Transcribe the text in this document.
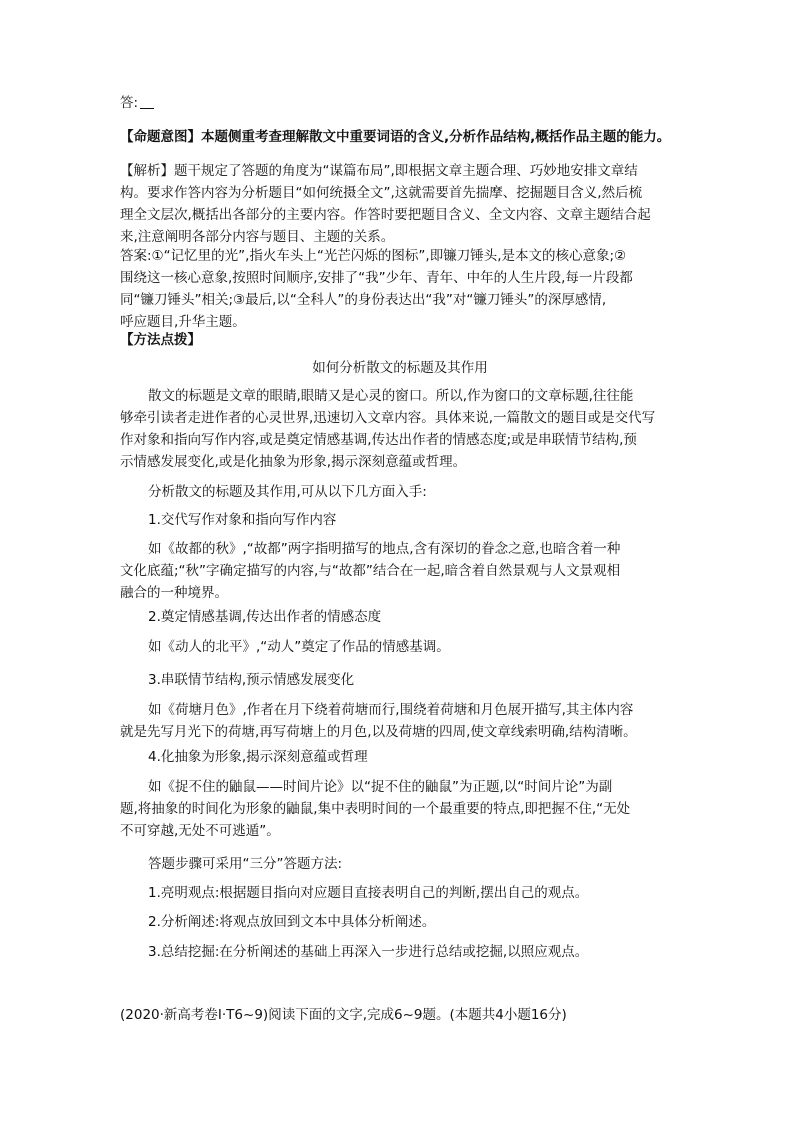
答:
【命题意图】本题侧重考查理解散文中重要词语的含义,分析作品结构,概括作品主题的能力。
【解析】题干规定了答题的角度为“谋篇布局”,即根据文章主题合理、巧妙地安排文章结
构。要求作答内容为分析题目“如何统摄全文”,这就需要首先揣摩、挖掘题目含义,然后梳
理全文层次,概括出各部分的主要内容。作答时要把题目含义、全文内容、文章主题结合起
来,注意阐明各部分内容与题目、主题的关系。
答案:①“记忆里的光”,指火车头上“光芒闪烁的图标”,即镰刀锤头,是本文的核心意象;②
围绕这一核心意象,按照时间顺序,安排了“我”少年、青年、中年的人生片段,每一片段都
同“镰刀锤头”相关;③最后,以“全科人”的身份表达出“我”对“镰刀锤头”的深厚感情,
呼应题目,升华主题。
【方法点拨】
如何分析散文的标题及其作用
散文的标题是文章的眼睛,眼睛又是心灵的窗口。所以,作为窗口的文章标题,往往能
够牵引读者走进作者的心灵世界,迅速切入文章内容。具体来说,一篇散文的题目或是交代写
作对象和指向写作内容,或是奠定情感基调,传达出作者的情感态度;或是串联情节结构,预
示情感发展变化,或是化抽象为形象,揭示深刻意蕴或哲理。
分析散文的标题及其作用,可从以下几方面入手:
1.交代写作对象和指向写作内容
如《故都的秋》,“故都”两字指明描写的地点,含有深切的眷念之意,也暗含着一种
文化底蕴;“秋”字确定描写的内容,与“故都”结合在一起,暗含着自然景观与人文景观相
融合的一种境界。
2.奠定情感基调,传达出作者的情感态度
如《动人的北平》,“动人”奠定了作品的情感基调。
3.串联情节结构,预示情感发展变化
如《荷塘月色》,作者在月下绕着荷塘而行,围绕着荷塘和月色展开描写,其主体内容
就是先写月光下的荷塘,再写荷塘上的月色,以及荷塘的四周,使文章线索明确,结构清晰。
4.化抽象为形象,揭示深刻意蕴或哲理
如《捉不住的鼬鼠——时间片论》以“捉不住的鼬鼠”为正题,以“时间片论”为副
题,将抽象的时间化为形象的鼬鼠,集中表明时间的一个最重要的特点,即把握不住,“无处
不可穿越,无处不可逃遁”。
答题步骤可采用“三分”答题方法:
1.亮明观点:根据题目指向对应题目直接表明自己的判断,摆出自己的观点。
2.分析阐述:将观点放回到文本中具体分析阐述。
3.总结挖掘:在分析阐述的基础上再深入一步进行总结或挖掘,以照应观点。
(2020·新高考卷Ⅰ·T6~9)阅读下面的文字,完成6~9题。(本题共4小题16分)
